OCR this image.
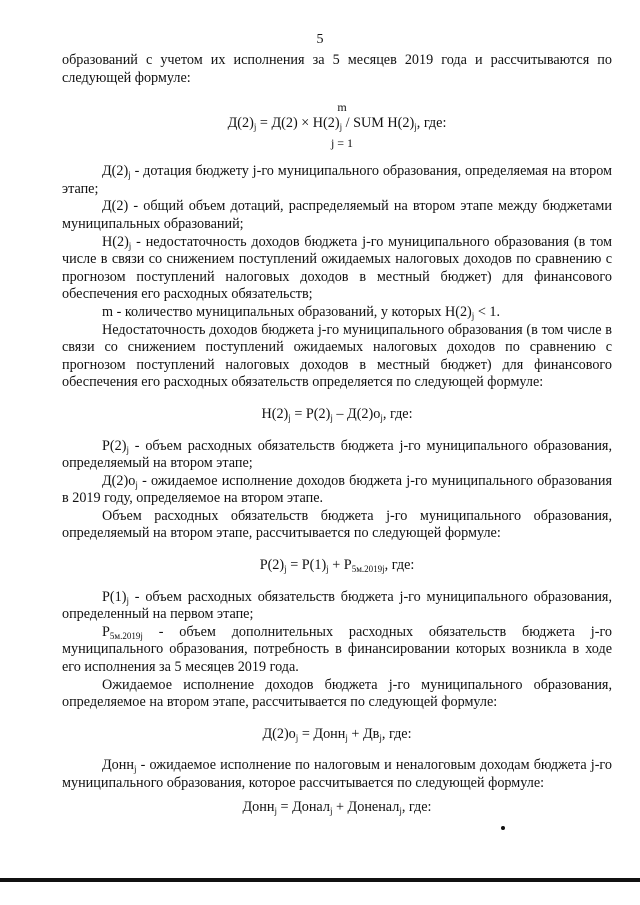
5

образований с учетом их исполнения за 5 месяцев 2019 года и рассчитываются по следующей формуле:

m
$Д(2)_j = Д(2) \times Н(2)_j$ / SUM $Н(2)_j$, где:
j = 1

$Д(2)_j$ - дотация бюджету j-го муниципального образования, определяемая на втором этапе;

Д(2) - общий объем дотаций, распределяемый на втором этапе между бюджетами муниципальных образований;

$Н(2)_j$ - недостаточность доходов бюджета j-го муниципального образования (в том числе в связи со снижением поступлений ожидаемых налоговых доходов по сравнению с прогнозом поступлений налоговых доходов в местный бюджет) для финансового обеспечения его расходных обязательств;

m - количество муниципальных образований, у которых $Н(2)_j < 1$.

Недостаточность доходов бюджета j-го муниципального образования (в том числе в связи со снижением поступлений ожидаемых налоговых доходов по сравнению с прогнозом поступлений налоговых доходов в местный бюджет) для финансового обеспечения его расходных обязательств определяется по следующей формуле:

$Н(2)_j = Р(2)_j - Д(2)о_j$, где:

$Р(2)_j$ - объем расходных обязательств бюджета j-го муниципального образования, определяемый на втором этапе;

$Д(2)о_j$ - ожидаемое исполнение доходов бюджета j-го муниципального образования в 2019 году, определяемое на втором этапе.

Объем расходных обязательств бюджета j-го муниципального образования, определяемый на втором этапе, рассчитывается по следующей формуле:

$Р(2)_j = Р(1)_j + Р_{5м.2019j}$, где:

$Р(1)_j$ - объем расходных обязательств бюджета j-го муниципального образования, определенный на первом этапе;

$Р_{5м.2019j}$ - объем дополнительных расходных обязательств бюджета j-го муниципального образования, потребность в финансировании которых возникла в ходе его исполнения за 5 месяцев 2019 года.

Ожидаемое исполнение доходов бюджета j-го муниципального образования, определяемое на втором этапе, рассчитывается по следующей формуле:

$Д(2)о_j$ = Донн$_j$ + $Дв_j$, где:

Донн$_j$ - ожидаемое исполнение по налоговым и неналоговым доходам бюджета j-го муниципального образования, которое рассчитывается по следующей формуле:

Донн$_j$ = Донал$_j$ + Доненал$_j$, где:
